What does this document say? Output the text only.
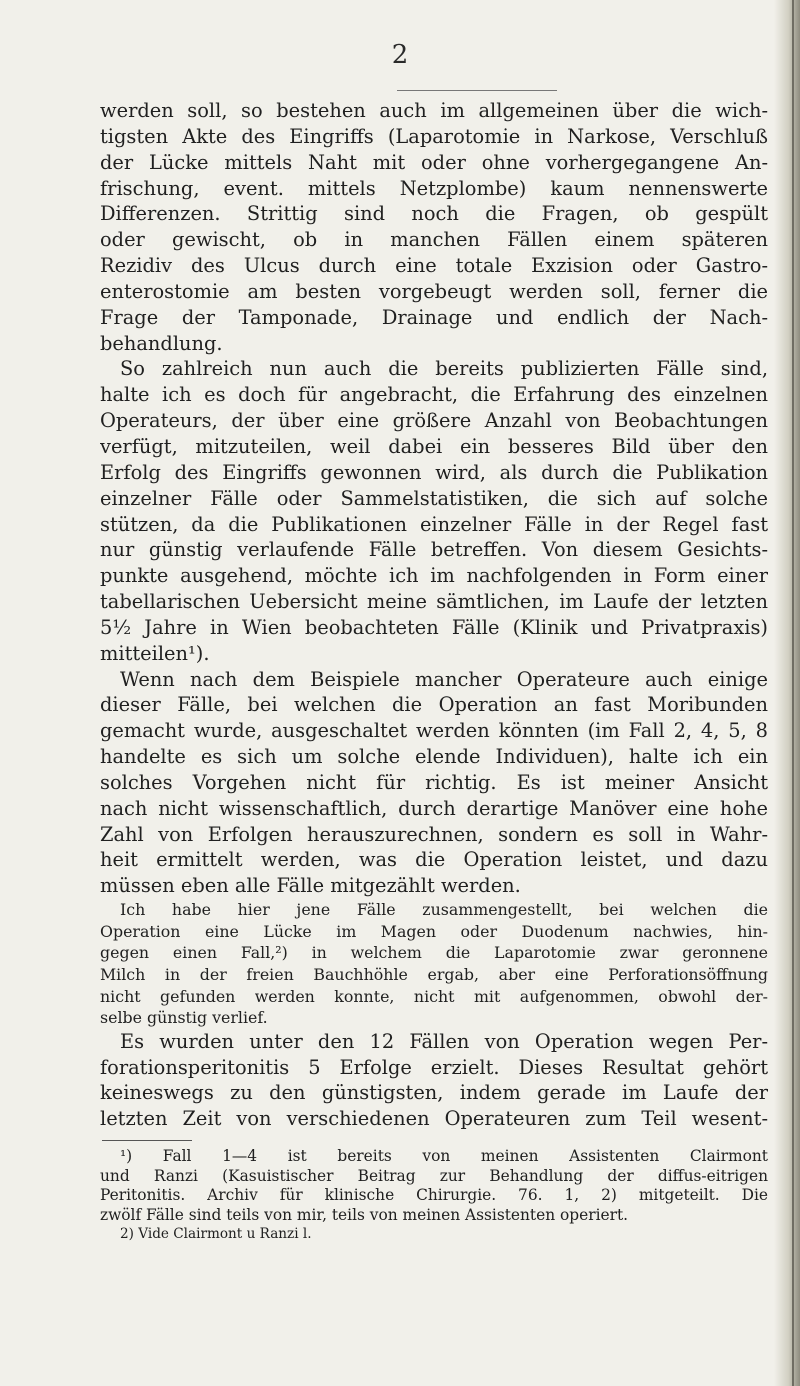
2
werden soll, so bestehen auch im allgemeinen über die wich-
tigsten Akte des Eingriffs (Laparotomie in Narkose, Verschluß
der Lücke mittels Naht mit oder ohne vorhergegangene An-
frischung, event. mittels Netzplombe) kaum nennenswerte
Differenzen. Strittig sind noch die Fragen, ob gespült
oder gewischt, ob in manchen Fällen einem späteren
Rezidiv des Ulcus durch eine totale Exzision oder Gastro-
enterostomie am besten vorgebeugt werden soll, ferner die
Frage der Tamponade, Drainage und endlich der Nach-
behandlung.
So zahlreich nun auch die bereits publizierten Fälle sind,
halte ich es doch für angebracht, die Erfahrung des einzelnen
Operateurs, der über eine größere Anzahl von Beobachtungen
verfügt, mitzuteilen, weil dabei ein besseres Bild über den
Erfolg des Eingriffs gewonnen wird, als durch die Publikation
einzelner Fälle oder Sammelstatistiken, die sich auf solche
stützen, da die Publikationen einzelner Fälle in der Regel fast
nur günstig verlaufende Fälle betreffen. Von diesem Gesichts-
punkte ausgehend, möchte ich im nachfolgenden in Form einer
tabellarischen Uebersicht meine sämtlichen, im Laufe der letzten
5½ Jahre in Wien beobachteten Fälle (Klinik und Privatpraxis)
mitteilen¹).
Wenn nach dem Beispiele mancher Operateure auch einige
dieser Fälle, bei welchen die Operation an fast Moribunden
gemacht wurde, ausgeschaltet werden könnten (im Fall 2, 4, 5, 8
handelte es sich um solche elende Individuen), halte ich ein
solches Vorgehen nicht für richtig. Es ist meiner Ansicht
nach nicht wissenschaftlich, durch derartige Manöver eine hohe
Zahl von Erfolgen herauszurechnen, sondern es soll in Wahr-
heit ermittelt werden, was die Operation leistet, und dazu
müssen eben alle Fälle mitgezählt werden.
Ich habe hier jene Fälle zusammengestellt, bei welchen die
Operation eine Lücke im Magen oder Duodenum nachwies, hin-
gegen einen Fall,²) in welchem die Laparotomie zwar geronnene
Milch in der freien Bauchhöhle ergab, aber eine Perforationsöffnung
nicht gefunden werden konnte, nicht mit aufgenommen, obwohl der-
selbe günstig verlief.
Es wurden unter den 12 Fällen von Operation wegen Per-
forationsperitonitis 5 Erfolge erzielt. Dieses Resultat gehört
keineswegs zu den günstigsten, indem gerade im Laufe der
letzten Zeit von verschiedenen Operateuren zum Teil wesent-
¹) Fall 1—4 ist bereits von meinen Assistenten Clairmont
und Ranzi (Kasuistischer Beitrag zur Behandlung der diffus-eitrigen
Peritonitis. Archiv für klinische Chirurgie. 76. 1, 2) mitgeteilt. Die
zwölf Fälle sind teils von mir, teils von meinen Assistenten operiert.
2) Vide Clairmont u Ranzi l.
